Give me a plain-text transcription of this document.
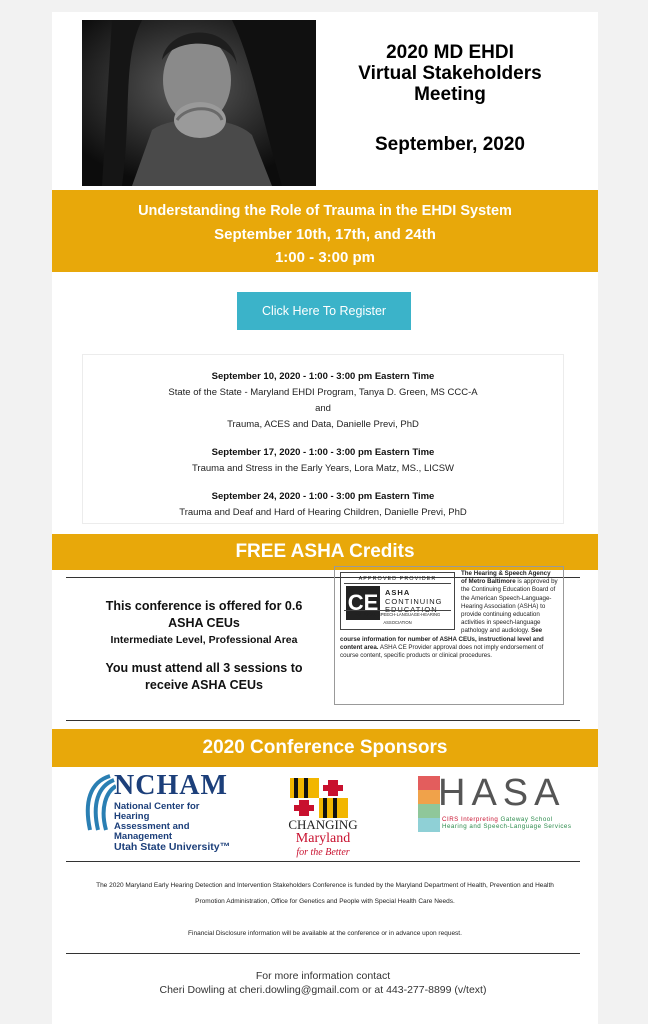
2020 MD EHDI
Virtual Stakeholders
Meeting
September, 2020
Understanding the Role of Trauma in the EHDI System
September 10th, 17th, and 24th
1:00 - 3:00 pm
Click Here To Register
September 10, 2020 - 1:00 - 3:00 pm Eastern Time
State of the State - Maryland EHDI Program, Tanya D. Green, MS CCC-A
and
Trauma, ACES and Data, Danielle Previ, PhD
September 17, 2020 - 1:00 - 3:00 pm Eastern Time
Trauma and Stress in the Early Years, Lora Matz, MS., LICSW
September 24, 2020 - 1:00 - 3:00 pm Eastern Time
Trauma and Deaf and Hard of Hearing Children, Danielle Previ, PhD
FREE ASHA Credits
This conference is offered for 0.6
ASHA CEUs
Intermediate Level, Professional Area
You must attend all 3 sessions to
receive ASHA CEUs
APPROVED PROVIDER
CE ASHA
CONTINUING
EDUCATION
AMERICAN SPEECH-LANGUAGE-HEARING ASSOCIATION
The Hearing & Speech Agency of Metro Baltimore is approved by the Continuing Education Board of the American Speech-Language-Hearing Association (ASHA) to provide continuing education activities in speech-language pathology and audiology. See course information for number of ASHA CEUs, instructional level and content area. ASHA CE Provider approval does not imply endorsement of course content, specific products or clinical procedures.
2020 Conference Sponsors
NCHAM
National Center for Hearing
Assessment and Management
Utah State University™
CHANGING
Maryland
for the Better
HASA
CIRS Interpreting Gateway School
Hearing and Speech-Language Services
The 2020 Maryland Early Hearing Detection and Intervention Stakeholders Conference is funded by the Maryland Department of Health, Prevention and Health
Promotion Administration, Office for Genetics and People with Special Health Care Needs.
Financial Disclosure information will be available at the conference or in advance upon request.
For more information contact
Cheri Dowling at cheri.dowling@gmail.com or at 443-277-8899 (v/text)
